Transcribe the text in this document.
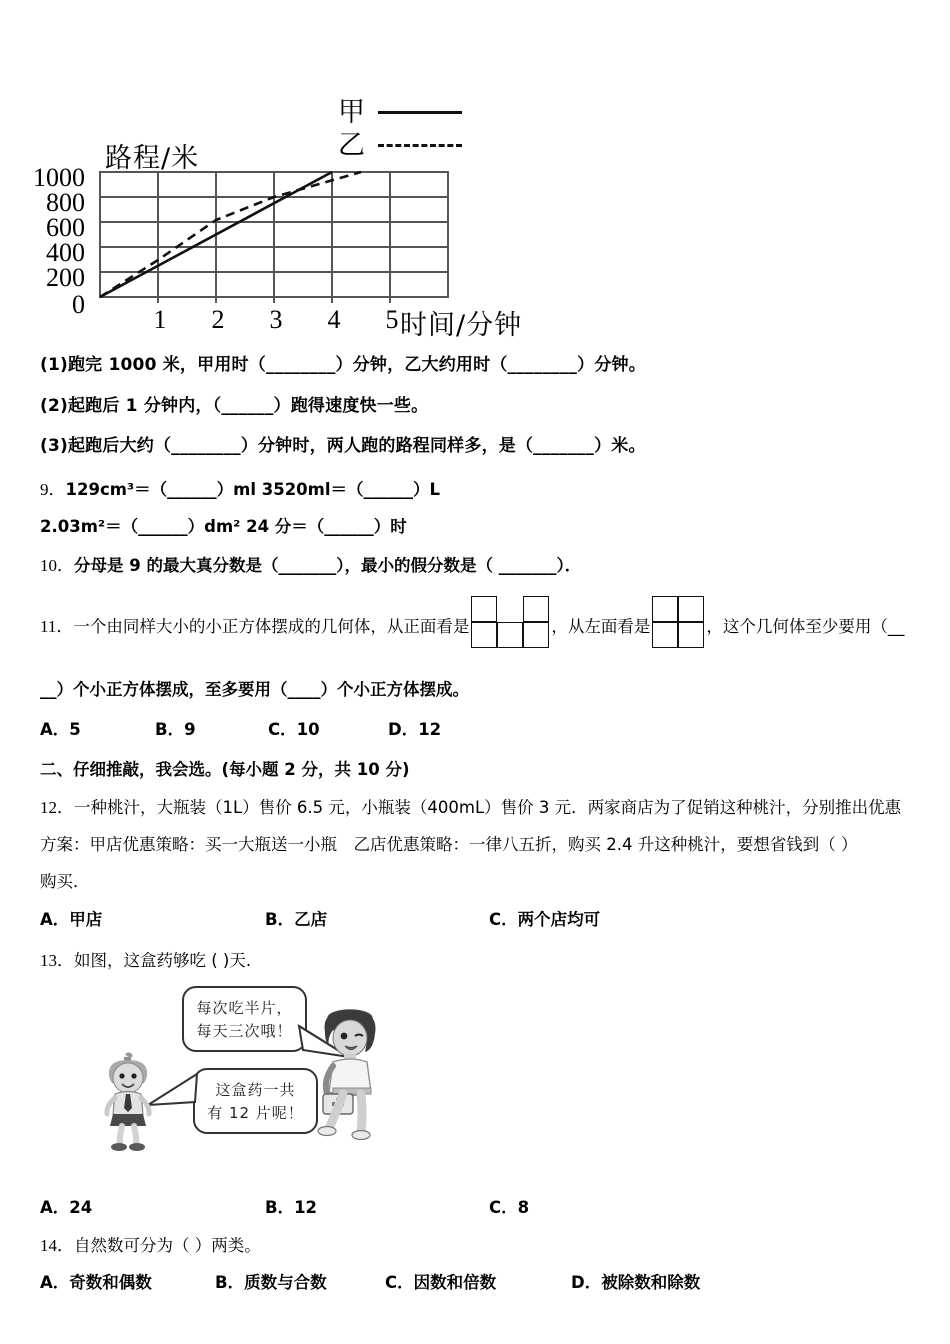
甲
乙
路程/米
时间/分钟
1000
800
600
400
200
0
1	2	3	4	5
(1)跑完 1000 米，甲用时（________）分钟，乙大约用时（________）分钟。
(2)起跑后 1 分钟内，（______）跑得速度快一些。
(3)起跑后大约（________）分钟时，两人跑的路程同样多，是（_______）米。
9．129cm³＝（______）ml 3520ml＝（______）L
2.03m²＝（______）dm² 24 分＝（______）时
10．分母是 9 的最大真分数是（_______），最小的假分数是（ _______）．
11．一个由同样大小的小正方体摆成的几何体，从正面看是	，从左面看是	，这个几何体至少要用（__
__）个小正方体摆成，至多要用（____）个小正方体摆成。
A．5	B．9	C．10	D．12
二、仔细推敲，我会选。(每小题 2 分，共 10 分)
12．一种桃汁，大瓶装（1L）售价 6.5 元，小瓶装（400mL）售价 3 元．两家商店为了促销这种桃汁，分别推出优惠
方案：甲店优惠策略：买一大瓶送一小瓶　乙店优惠策略：一律八五折，购买 2.4 升这种桃汁，要想省钱到（ ）
购买．
A．甲店	B．乙店	C．两个店均可
13．如图，这盒药够吃 ( )天.
每次吃半片，
每天三次哦！
这盒药一共
有 12 片呢！
A．24	B．12	C．8
14．自然数可分为（ ）两类。
A．奇数和偶数	B．质数与合数	C．因数和倍数	D．被除数和除数
